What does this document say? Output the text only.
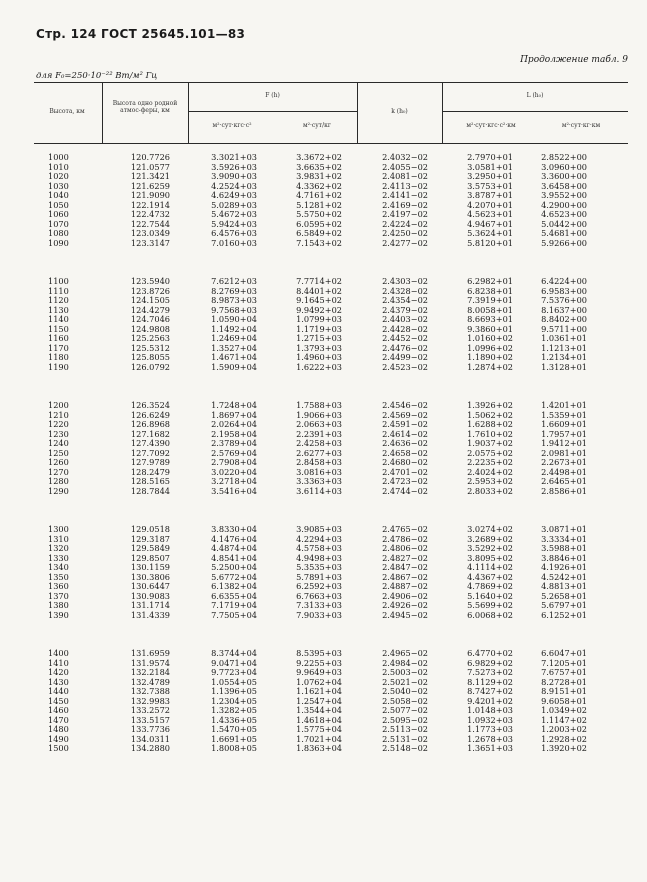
Стр. 124 ГОСТ 25645.101—83
Продолжение табл. 9
для F₀=250·10⁻²² Вт/м² Гц
Высота, км
Высота одно родной атмос-феры, км
F (h)
м²·сут·кгс·с²	м²·сут/кг
k (h₀)
L (h₀)
м²·сут·кгс·с²·км	м²·сут·кг·км
1000	120.7726	3.3021+03	3.3672+02	2.4032−02	2.7970+01	2.8522+00
1010	121.0577	3.5926+03	3.6635+02	2.4055−02	3.0581+01	3.0960+00
1020	121.3421	3.9090+03	3.9831+02	2.4081−02	3.2950+01	3.3600+00
1030	121.6259	4.2524+03	4.3362+02	2.4113−02	3.5753+01	3.6458+00
1040	121.9090	4.6249+03	4.7161+02	2.4141−02	3.8787+01	3.9552+00
1050	122.1914	5.0289+03	5.1281+02	2.4169−02	4.2070+01	4.2900+00
1060	122.4732	5.4672+03	5.5750+02	2.4197−02	4.5623+01	4.6523+00
1070	122.7544	5.9424+03	6.0595+02	2.4224−02	4.9467+01	5.0442+00
1080	123.0349	6.4576+03	6.5849+02	2.4250−02	5.3624+01	5.4681+00
1090	123.3147	7.0160+03	7.1543+02	2.4277−02	5.8120+01	5.9266+00
1100	123.5940	7.6212+03	7.7714+02	2.4303−02	6.2982+01	6.4224+00
1110	123.8726	8.2769+03	8.4401+02	2.4328−02	6.8238+01	6.9583+00
1120	124.1505	8.9873+03	9.1645+02	2.4354−02	7.3919+01	7.5376+00
1130	124.4279	9.7568+03	9.9492+02	2.4379−02	8.0058+01	8.1637+00
1140	124.7046	1.0590+04	1.0799+03	2.4403−02	8.6693+01	8.8402+00
1150	124.9808	1.1492+04	1.1719+03	2.4428−02	9.3860+01	9.5711+00
1160	125.2563	1.2469+04	1.2715+03	2.4452−02	1.0160+02	1.0361+01
1170	125.5312	1.3527+04	1.3793+03	2.4476−02	1.0996+02	1.1213+01
1180	125.8055	1.4671+04	1.4960+03	2.4499−02	1.1890+02	1.2134+01
1190	126.0792	1.5909+04	1.6222+03	2.4523−02	1.2874+02	1.3128+01
1200	126.3524	1.7248+04	1.7588+03	2.4546−02	1.3926+02	1.4201+01
1210	126.6249	1.8697+04	1.9066+03	2.4569−02	1.5062+02	1.5359+01
1220	126.8968	2.0264+04	2.0663+03	2.4591−02	1.6288+02	1.6609+01
1230	127.1682	2.1958+04	2.2391+03	2.4614−02	1.7610+02	1.7957+01
1240	127.4390	2.3789+04	2.4258+03	2.4636−02	1.9037+02	1.9412+01
1250	127.7092	2.5769+04	2.6277+03	2.4658−02	2.0575+02	2.0981+01
1260	127.9789	2.7908+04	2.8458+03	2.4680−02	2.2235+02	2.2673+01
1270	128.2479	3.0220+04	3.0816+03	2.4701−02	2.4024+02	2.4498+01
1280	128.5165	3.2718+04	3.3363+03	2.4723−02	2.5953+02	2.6465+01
1290	128.7844	3.5416+04	3.6114+03	2.4744−02	2.8033+02	2.8586+01
1300	129.0518	3.8330+04	3.9085+03	2.4765−02	3.0274+02	3.0871+01
1310	129.3187	4.1476+04	4.2294+03	2.4786−02	3.2689+02	3.3334+01
1320	129.5849	4.4874+04	4.5758+03	2.4806−02	3.5292+02	3.5988+01
1330	129.8507	4.8541+04	4.9498+03	2.4827−02	3.8095+02	3.8846+01
1340	130.1159	5.2500+04	5.3535+03	2.4847−02	4.1114+02	4.1926+01
1350	130.3806	5.6772+04	5.7891+03	2.4867−02	4.4367+02	4.5242+01
1360	130.6447	6.1382+04	6.2592+03	2.4887−02	4.7869+02	4.8813+01
1370	130.9083	6.6355+04	6.7663+03	2.4906−02	5.1640+02	5.2658+01
1380	131.1714	7.1719+04	7.3133+03	2.4926−02	5.5699+02	5.6797+01
1390	131.4339	7.7505+04	7.9033+03	2.4945−02	6.0068+02	6.1252+01
1400	131.6959	8.3744+04	8.5395+03	2.4965−02	6.4770+02	6.6047+01
1410	131.9574	9.0471+04	9.2255+03	2.4984−02	6.9829+02	7.1205+01
1420	132.2184	9.7723+04	9.9649+03	2.5003−02	7.5273+02	7.6757+01
1430	132.4789	1.0554+05	1.0762+04	2.5021−02	8.1129+02	8.2728+01
1440	132.7388	1.1396+05	1.1621+04	2.5040−02	8.7427+02	8.9151+01
1450	132.9983	1.2304+05	1.2547+04	2.5058−02	9.4201+02	9.6058+01
1460	133.2572	1.3282+05	1.3544+04	2.5077−02	1.0148+03	1.0349+02
1470	133.5157	1.4336+05	1.4618+04	2.5095−02	1.0932+03	1.1147+02
1480	133.7736	1.5470+05	1.5775+04	2.5113−02	1.1773+03	1.2003+02
1490	134.0311	1.6691+05	1.7021+04	2.5131−02	1.2678+03	1.2928+02
1500	134.2880	1.8008+05	1.8363+04	2.5148−02	1.3651+03	1.3920+02
